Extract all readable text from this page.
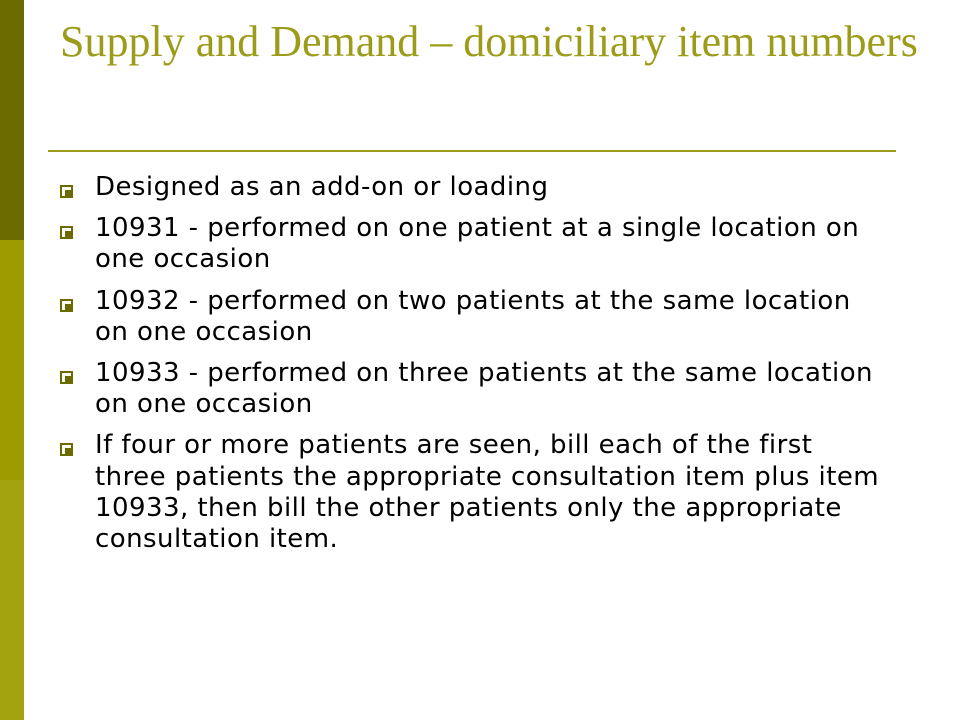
Supply and Demand – domiciliary item numbers
Designed as an add-on or loading
10931 - performed on one patient at a single location on one occasion
10932 - performed on two patients at the same location on one occasion
10933 - performed on three patients at the same location on one occasion
If four or more patients are seen, bill each of the first three patients the appropriate consultation item plus item 10933, then bill the other patients only the appropriate consultation item.
